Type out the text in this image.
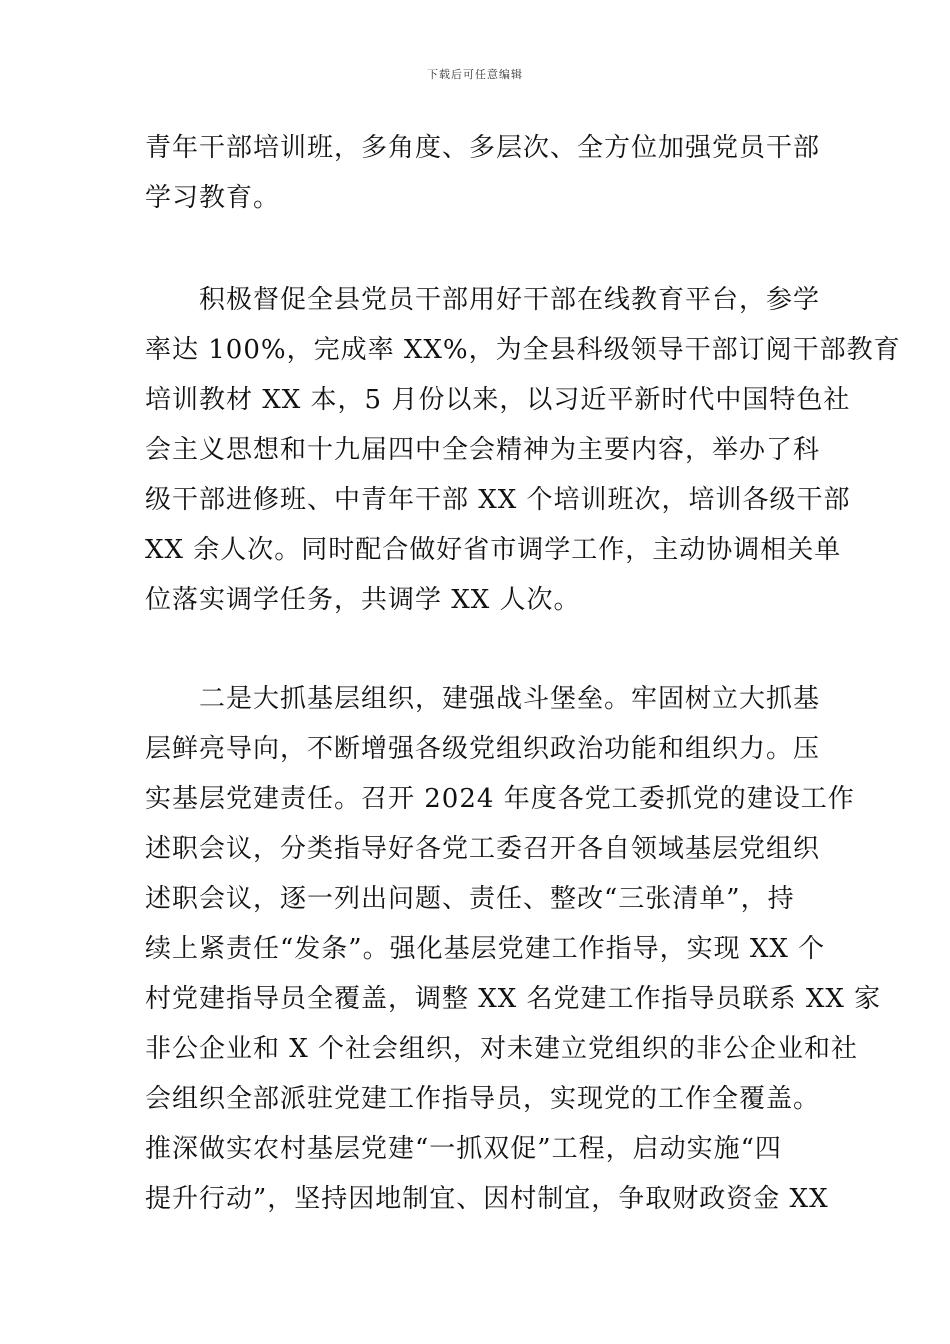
下载后可任意编辑
青年干部培训班，多角度、多层次、全方位加强党员干部
学习教育。
　　积极督促全县党员干部用好干部在线教育平台，参学
率达 100%，完成率 XX%，为全县科级领导干部订阅干部教育
培训教材 XX 本，5 月份以来，以习近平新时代中国特色社
会主义思想和十九届四中全会精神为主要内容，举办了科
级干部进修班、中青年干部 XX 个培训班次，培训各级干部
XX 余人次。同时配合做好省市调学工作，主动协调相关单
位落实调学任务，共调学 XX 人次。
　　二是大抓基层组织，建强战斗堡垒。牢固树立大抓基
层鲜亮导向，不断增强各级党组织政治功能和组织力。压
实基层党建责任。召开 2024 年度各党工委抓党的建设工作
述职会议，分类指导好各党工委召开各自领域基层党组织
述职会议，逐一列出问题、责任、整改“三张清单”，持
续上紧责任“发条”。强化基层党建工作指导，实现 XX 个
村党建指导员全覆盖，调整 XX 名党建工作指导员联系 XX 家
非公企业和 X 个社会组织，对未建立党组织的非公企业和社
会组织全部派驻党建工作指导员，实现党的工作全覆盖。
推深做实农村基层党建“一抓双促”工程，启动实施“四
提升行动”，坚持因地制宜、因村制宜，争取财政资金 XX
